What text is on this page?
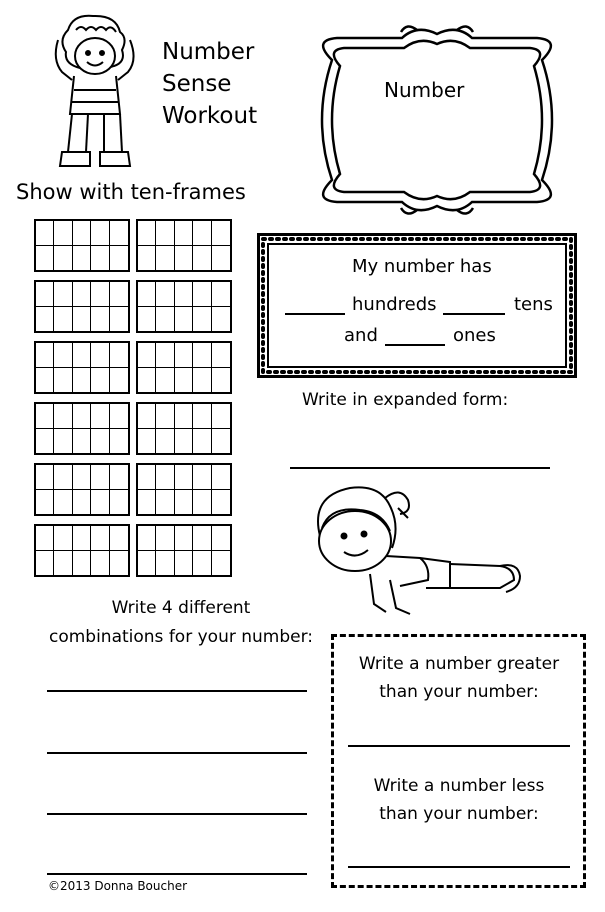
Number
Sense
Workout
Number
Show with ten-frames
My number has
hundreds	tens
and	ones
Write in expanded form:
Write 4 different
combinations for your number:
Write a number greater
than your number:
Write a number less
than your number:
©2013 Donna Boucher
